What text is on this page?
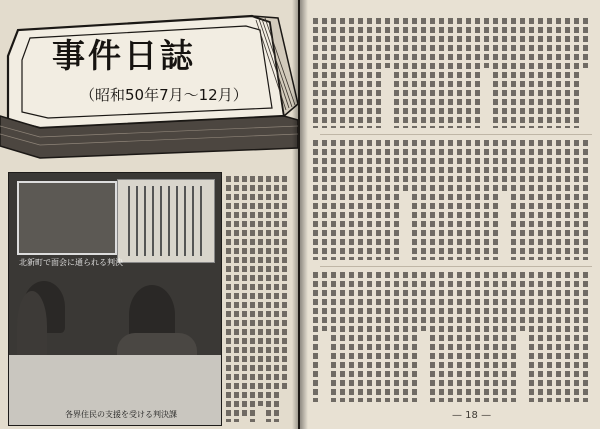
事件日誌
（昭和50年7月〜12月）
北新町で面会に通られる判決
各界住民の支援を受ける判決課	— 18 —
